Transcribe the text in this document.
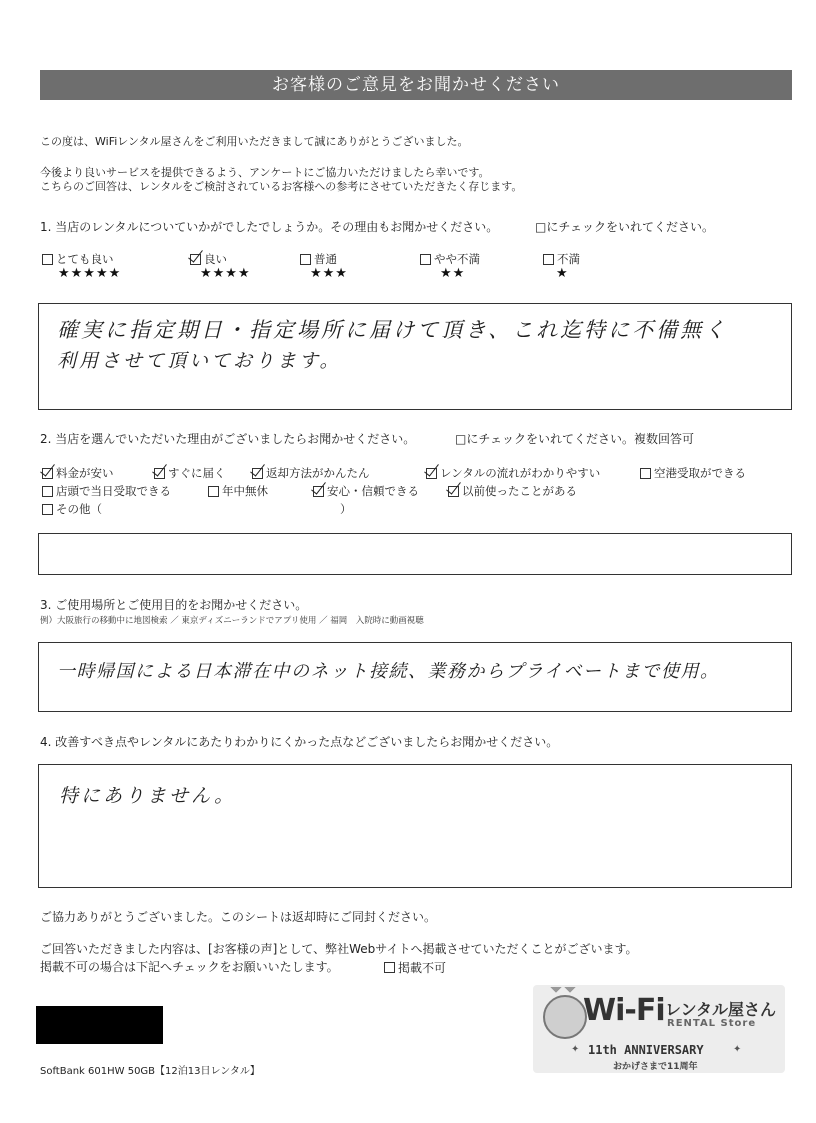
お客様のご意見をお聞かせください
この度は、WiFiレンタル屋さんをご利用いただきまして誠にありがとうございました。
今後より良いサービスを提供できるよう、アンケートにご協力いただけましたら幸いです。
こちらのご回答は、レンタルをご検討されているお客様への参考にさせていただきたく存じます。
1. 当店のレンタルについていかがでしたでしょうか。その理由もお聞かせください。	□にチェックをいれてください。
とても良い
★★★★★
良い
★★★★
普通
★★★
やや不満
★★
不満
★
確実に指定期日・指定場所に届けて頂き、これ迄特に不備無く
利用させて頂いております。
2. 当店を選んでいただいた理由がございましたらお聞かせください。	□にチェックをいれてください。複数回答可
料金が安い	すぐに届く	返却方法がかんたん	レンタルの流れがわかりやすい	空港受取ができる
店頭で当日受取できる	年中無休	安心・信頼できる	以前使ったことがある
その他（	）
3. ご使用場所とご使用目的をお聞かせください。
例）大阪旅行の移動中に地図検索 ／ 東京ディズニーランドでアプリ使用 ／ 福岡　入院時に動画視聴
一時帰国による日本滞在中のネット接続、業務からプライベートまで使用。
4. 改善すべき点やレンタルにあたりわかりにくかった点などございましたらお聞かせください。
特にありません。
ご協力ありがとうございました。このシートは返却時にご同封ください。
ご回答いただきました内容は、[お客様の声]として、弊社Webサイトへ掲載させていただくことがございます。
掲載不可の場合は下記へチェックをお願いいたします。	掲載不可
SoftBank 601HW 50GB【12泊13日レンタル】
Wi-Fi レンタル屋さん
RENTAL Store
✦ 11th ANNIVERSARY	✦
おかげさまで11周年
